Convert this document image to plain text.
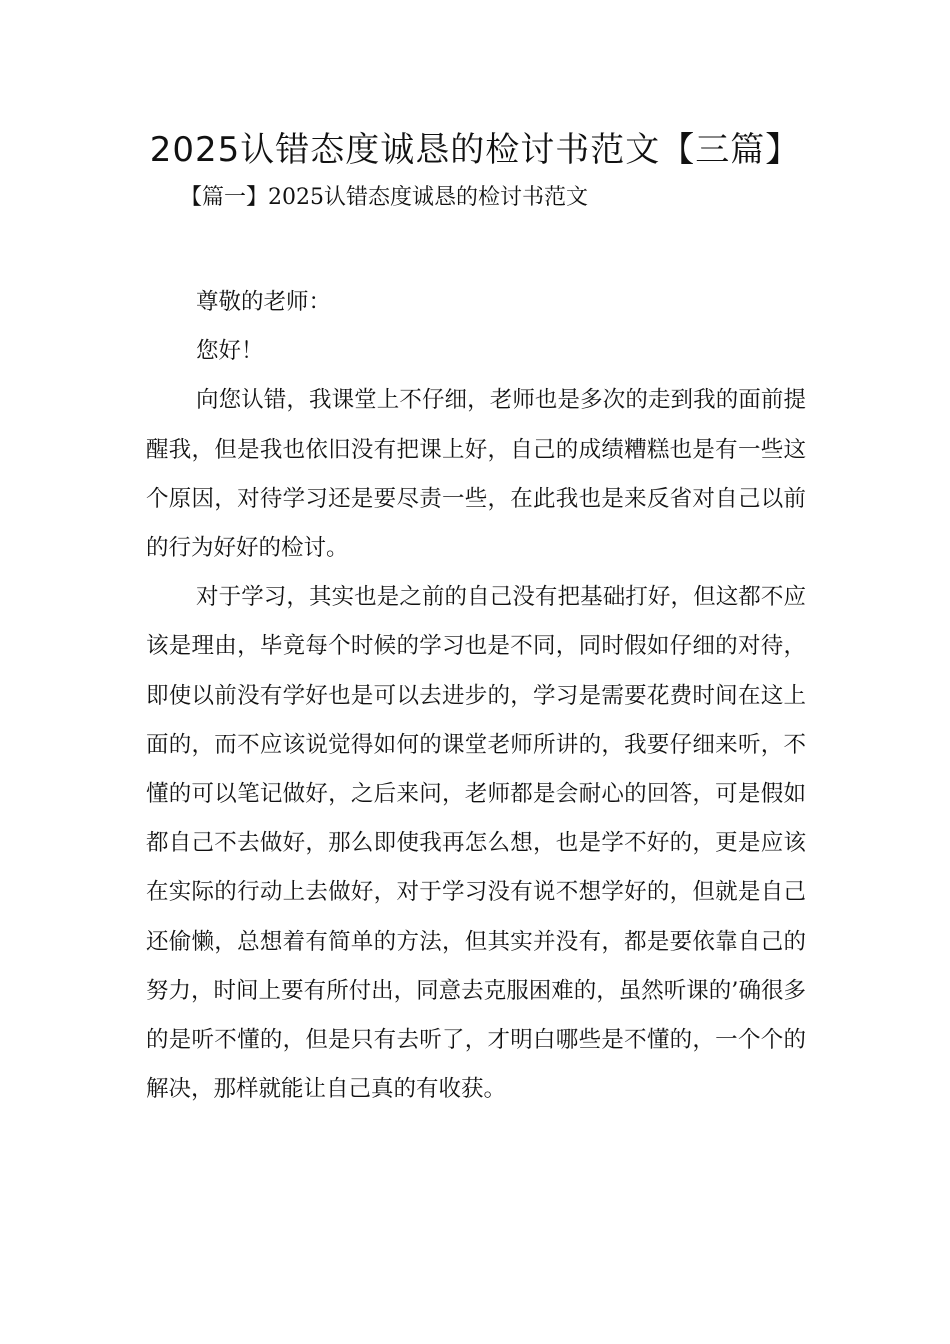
2025认错态度诚恳的检讨书范文【三篇】
【篇一】2025认错态度诚恳的检讨书范文

尊敬的老师：

您好！

向您认错，我课堂上不仔细，老师也是多次的走到我的面前提醒我，但是我也依旧没有把课上好，自己的成绩糟糕也是有一些这个原因，对待学习还是要尽责一些，在此我也是来反省对自己以前的行为好好的检讨。

对于学习，其实也是之前的自己没有把基础打好，但这都不应该是理由，毕竟每个时候的学习也是不同，同时假如仔细的对待，即使以前没有学好也是可以去进步的，学习是需要花费时间在这上面的，而不应该说觉得如何的课堂老师所讲的，我要仔细来听，不懂的可以笔记做好，之后来问，老师都是会耐心的回答，可是假如都自己不去做好，那么即使我再怎么想，也是学不好的，更是应该在实际的行动上去做好，对于学习没有说不想学好的，但就是自己还偷懒，总想着有简单的方法，但其实并没有，都是要依靠自己的努力，时间上要有所付出，同意去克服困难的，虽然听课的’确很多的是听不懂的，但是只有去听了，才明白哪些是不懂的，一个个的解决，那样就能让自己真的有收获。
